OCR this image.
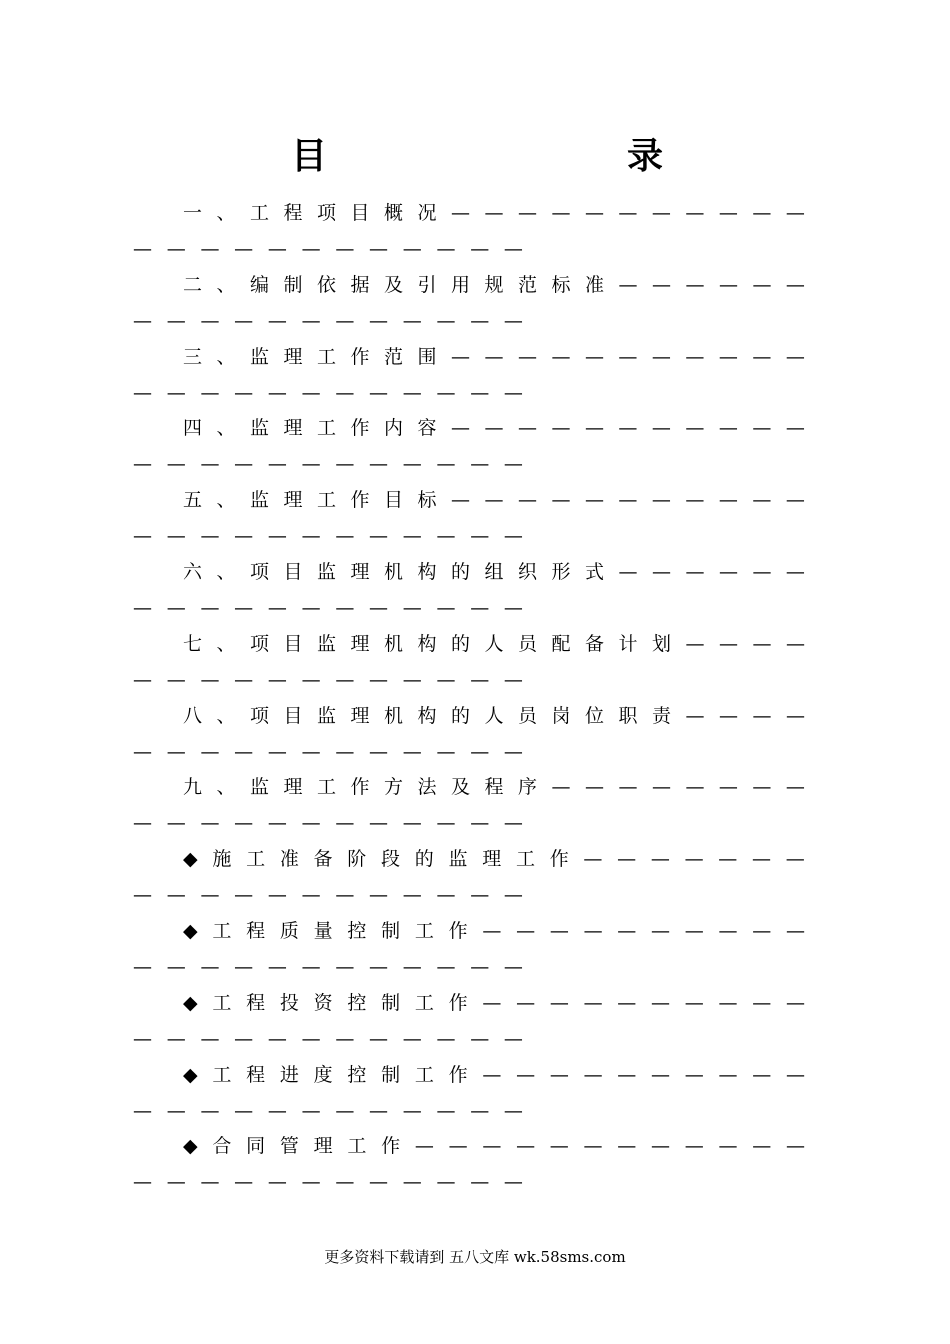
目　　录
一 、 工 程 项 目 概 况 — — — — — — — — — — —
— — — — — — — — — — — —
二 、 编 制 依 据 及 引 用 规 范 标 准 — — — — — —
— — — — — — — — — — — —
三 、 监 理 工 作 范 围 — — — — — — — — — — —
— — — — — — — — — — — —
四 、 监 理 工 作 内 容 — — — — — — — — — — —
— — — — — — — — — — — —
五 、 监 理 工 作 目 标 — — — — — — — — — — —
— — — — — — — — — — — —
六 、 项 目 监 理 机 构 的 组 织 形 式 — — — — — —
— — — — — — — — — — — —
七 、 项 目 监 理 机 构 的 人 员 配 备 计 划 — — — —
— — — — — — — — — — — —
八 、 项 目 监 理 机 构 的 人 员 岗 位 职 责 — — — —
— — — — — — — — — — — —
九 、 监 理 工 作 方 法 及 程 序 — — — — — — — —
— — — — — — — — — — — —
◆ 施 工 准 备 阶 段 的 监 理 工 作 — — — — — — —
— — — — — — — — — — — —
◆ 工 程 质 量 控 制 工 作 — — — — — — — — — —
— — — — — — — — — — — —
◆ 工 程 投 资 控 制 工 作 — — — — — — — — — —
— — — — — — — — — — — —
◆ 工 程 进 度 控 制 工 作 — — — — — — — — — —
— — — — — — — — — — — —
◆ 合 同 管 理 工 作 — — — — — — — — — — — —
— — — — — — — — — — — —
更多资料下载请到 五八文库 wk.58sms.com
